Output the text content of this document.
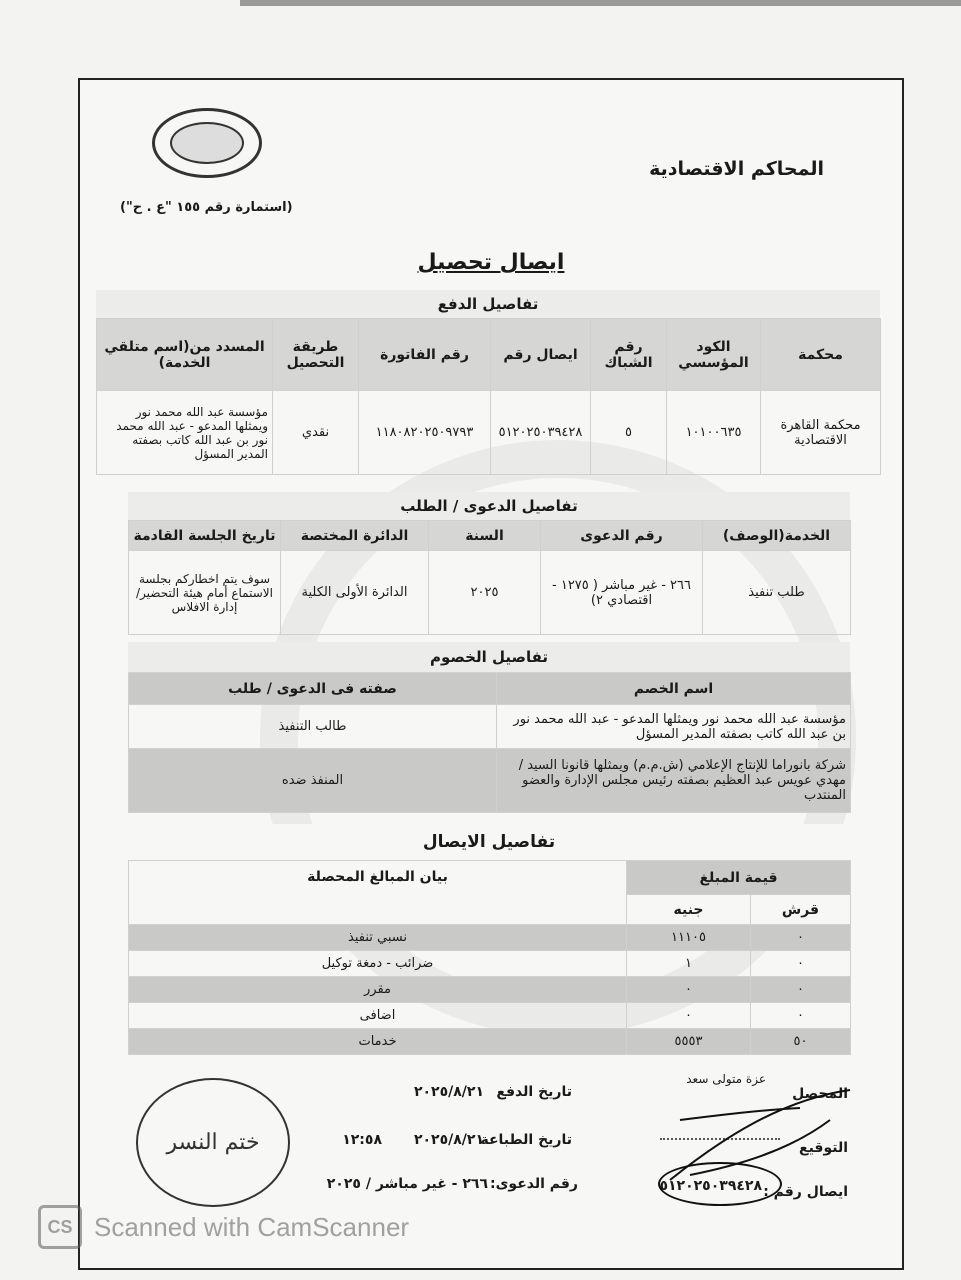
المحاكم الاقتصادية
(استمارة رقم ١٥٥ "ع . ح")
ايصال تحصيل
تفاصيل الدفع
محكمة	الكود المؤسسي	رقم الشباك	ايصال رقم	رقم الفاتورة	طريقة التحصيل	المسدد من(اسم متلقي الخدمة)
محكمة القاهرة الاقتصادية	١٠١٠٠٦٣٥	٥	٥١٢٠٢٥٠٣٩٤٢٨	١١٨٠٨٢٠٢٥٠٩٧٩٣	نقدي	مؤسسة عبد الله محمد نور ويمثلها المدعو - عبد الله محمد نور بن عبد الله كاتب بصفته المدير المسؤل
تفاصيل الدعوى / الطلب
الخدمة(الوصف)	رقم الدعوى	السنة	الدائرة المختصة	تاريخ الجلسة القادمة
طلب تنفيذ	٢٦٦ - غير مباشر ( ١٢٧٥ - اقتصادي ٢)	٢٠٢٥	الدائرة الأولى الكلية	سوف يتم اخطاركم بجلسة الاستماع أمام هيئة التحضير/إدارة الافلاس
تفاصيل الخصوم
اسم الخصم	صفته فى الدعوى / طلب
مؤسسة عبد الله محمد نور ويمثلها المدعو - عبد الله محمد نور بن عبد الله كاتب بصفته المدير المسؤل	طالب التنفيذ
شركة بانوراما للإنتاج الإعلامي (ش.م.م) ويمثلها قانونا السيد / مهدي عويس عبد العظيم بصفته رئيس مجلس الإدارة والعضو المنتدب	المنفذ ضده
تفاصيل الايصال
قيمة المبلغ		بيان المبالغ المحصلة
قرش	جنيه	
٠	١١١٠٥	نسبي تنفيذ
٠	١	ضرائب - دمغة توكيل
٠	٠	مقرر
٠	٠	اضافى
٥٠	٥٥٥٣	خدمات
المحصل
عزة متولى سعد
التوقيع
ايصال رقم :
٥١٢٠٢٥٠٣٩٤٢٨
تاريخ الدفع
٢٠٢٥/٨/٢١
تاريخ الطباعة
٢٠٢٥/٨/٢١
١٢:٥٨
رقم الدعوى:
٢٦٦ - غير مباشر / ٢٠٢٥
ختم النسر
CS Scanned with CamScanner
